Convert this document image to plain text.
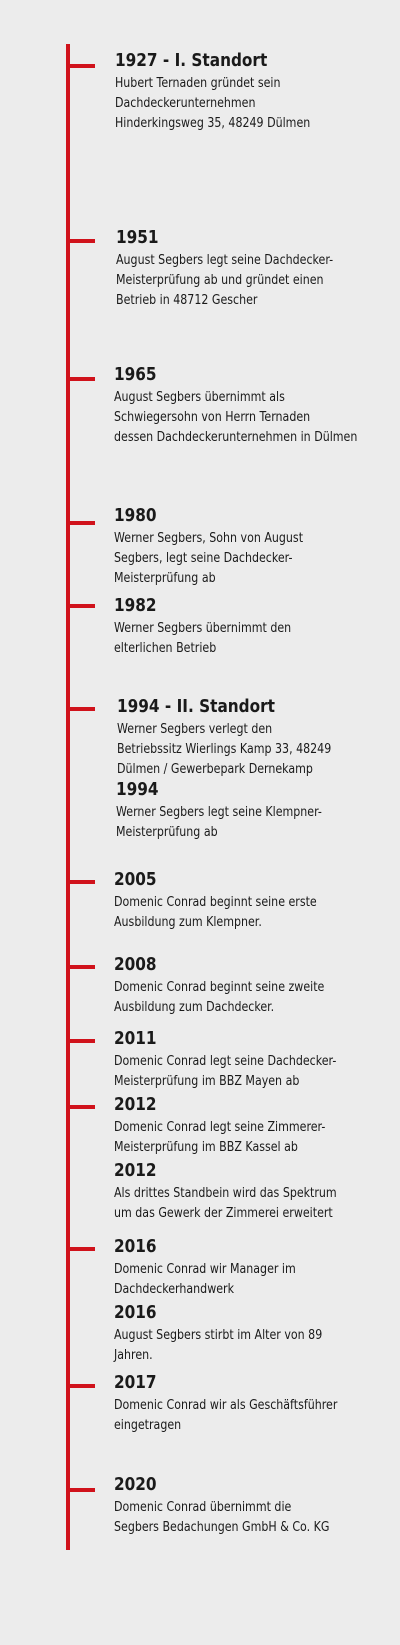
1927 - I. Standort
Hubert Ternaden gründet sein
Dachdeckerunternehmen
Hinderkingsweg 35, 48249 Dülmen
1951
August Segbers legt seine Dachdecker-
Meisterprüfung ab und gründet einen
Betrieb in 48712 Gescher
1965
August Segbers übernimmt als
Schwiegersohn von Herrn Ternaden
dessen Dachdeckerunternehmen in Dülmen
1980
Werner Segbers, Sohn von August
Segbers, legt seine Dachdecker-
Meisterprüfung ab
1982
Werner Segbers übernimmt den
elterlichen Betrieb
1994 - II. Standort
Werner Segbers verlegt den
Betriebssitz Wierlings Kamp 33, 48249
Dülmen / Gewerbepark Dernekamp
1994
Werner Segbers legt seine Klempner-
Meisterprüfung ab
2005
Domenic Conrad beginnt seine erste
Ausbildung zum Klempner.
2008
Domenic Conrad beginnt seine zweite
Ausbildung zum Dachdecker.
2011
Domenic Conrad legt seine Dachdecker-
Meisterprüfung im BBZ Mayen ab
2012
Domenic Conrad legt seine Zimmerer-
Meisterprüfung im BBZ Kassel ab
2012
Als drittes Standbein wird das Spektrum
um das Gewerk der Zimmerei erweitert
2016
Domenic Conrad wir Manager im
Dachdeckerhandwerk
2016
August Segbers stirbt im Alter von 89
Jahren.
2017
Domenic Conrad wir als Geschäftsführer
eingetragen
2020
Domenic Conrad übernimmt die
Segbers Bedachungen GmbH & Co. KG
